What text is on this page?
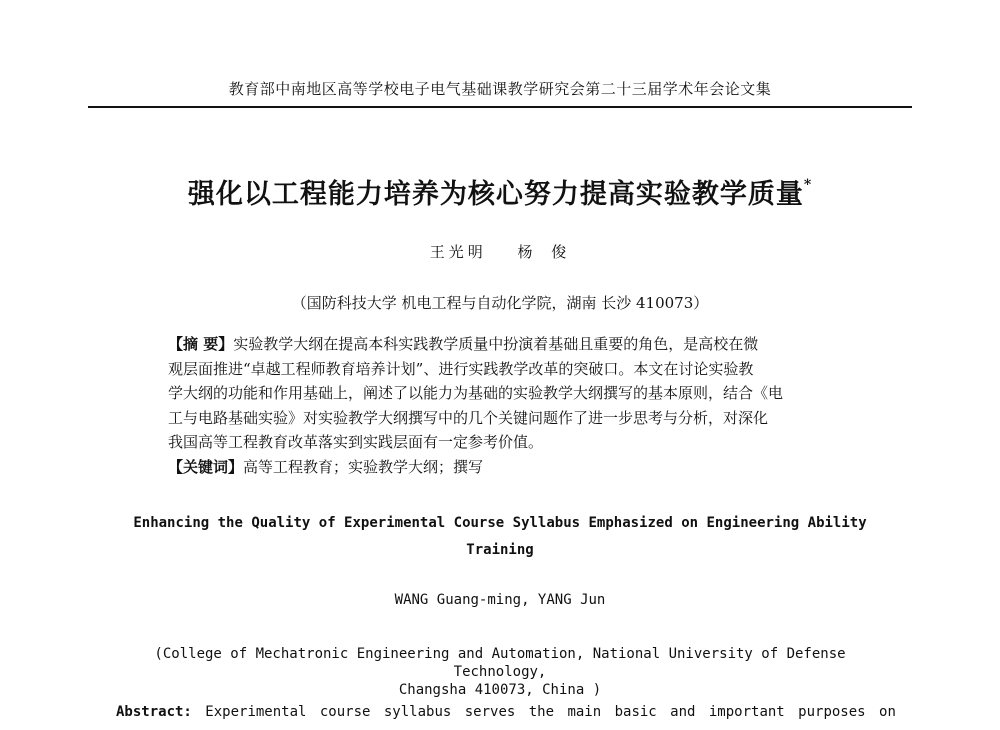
教育部中南地区高等学校电子电气基础课教学研究会第二十三届学术年会论文集
强化以工程能力培养为核心努力提高实验教学质量*
王光明 杨 俊
（国防科技大学 机电工程与自动化学院，湖南 长沙 410073）

【摘 要】实验教学大纲在提高本科实践教学质量中扮演着基础且重要的角色，是高校在微

观层面推进“卓越工程师教育培养计划”、进行实践教学改革的突破口。本文在讨论实验教

学大纲的功能和作用基础上，阐述了以能力为基础的实验教学大纲撰写的基本原则，结合《电

工与电路基础实验》对实验教学大纲撰写中的几个关键问题作了进一步思考与分析，对深化

我国高等工程教育改革落实到实践层面有一定参考价值。

【关键词】高等工程教育；实验教学大纲；撰写

Enhancing the Quality of Experimental Course Syllabus Emphasized on Engineering Ability
Training
WANG Guang-ming, YANG Jun
(College of Mechatronic Engineering and Automation, National University of Defense Technology,
Changsha 410073, China )
Abstract: Experimental course syllabus serves the main basic and important purposes on
